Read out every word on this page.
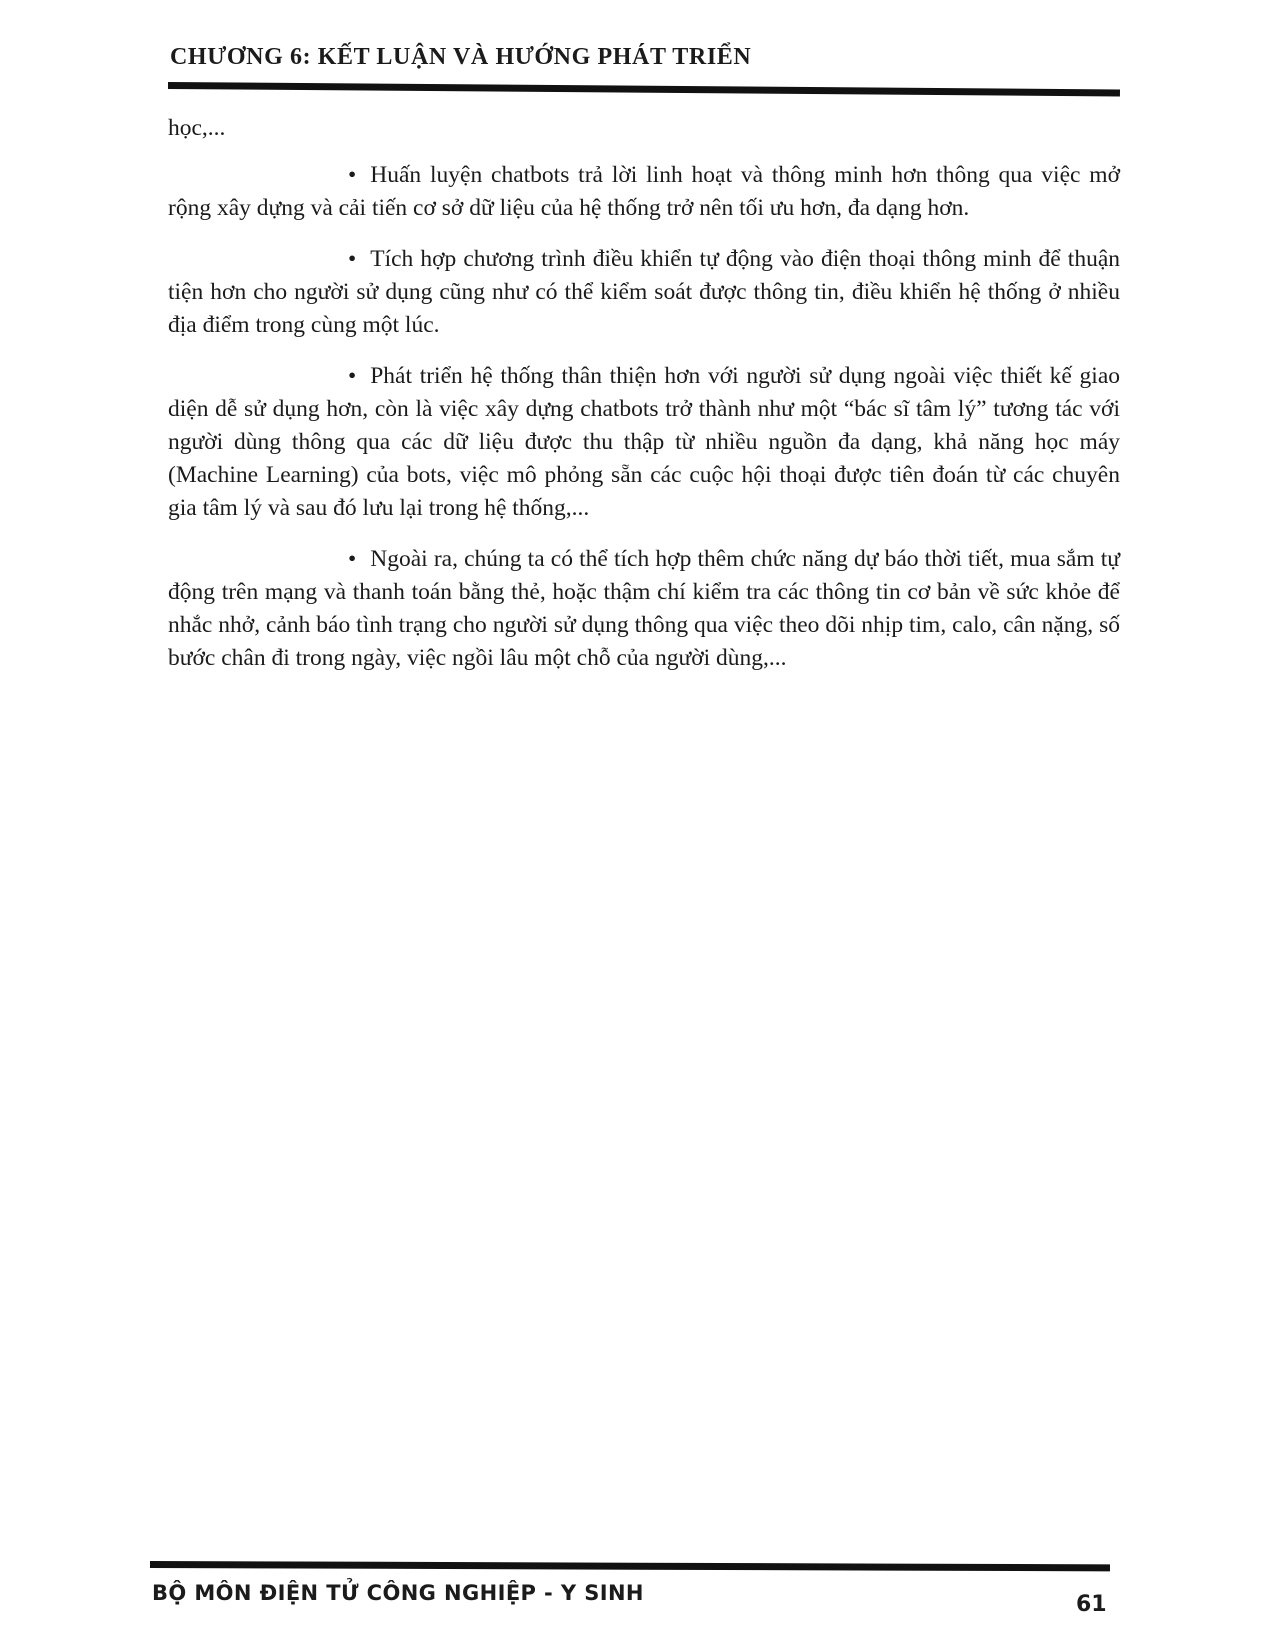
CHƯƠNG 6: KẾT LUẬN VÀ HƯỚNG PHÁT TRIỂN

học,...

• Huấn luyện chatbots trả lời linh hoạt và thông minh hơn thông qua việc mở rộng xây dựng và cải tiến cơ sở dữ liệu của hệ thống trở nên tối ưu hơn, đa dạng hơn.

• Tích hợp chương trình điều khiển tự động vào điện thoại thông minh để thuận tiện hơn cho người sử dụng cũng như có thể kiểm soát được thông tin, điều khiển hệ thống ở nhiều địa điểm trong cùng một lúc.

• Phát triển hệ thống thân thiện hơn với người sử dụng ngoài việc thiết kế giao diện dễ sử dụng hơn, còn là việc xây dựng chatbots trở thành như một “bác sĩ tâm lý” tương tác với người dùng thông qua các dữ liệu được thu thập từ nhiều nguồn đa dạng, khả năng học máy (Machine Learning) của bots, việc mô phỏng sẵn các cuộc hội thoại được tiên đoán từ các chuyên gia tâm lý và sau đó lưu lại trong hệ thống,...

• Ngoài ra, chúng ta có thể tích hợp thêm chức năng dự báo thời tiết, mua sắm tự động trên mạng và thanh toán bằng thẻ, hoặc thậm chí kiểm tra các thông tin cơ bản về sức khỏe để nhắc nhở, cảnh báo tình trạng cho người sử dụng thông qua việc theo dõi nhịp tim, calo, cân nặng, số bước chân đi trong ngày, việc ngồi lâu một chỗ của người dùng,...

BỘ MÔN ĐIỆN TỬ CÔNG NGHIỆP - Y SINH	61
